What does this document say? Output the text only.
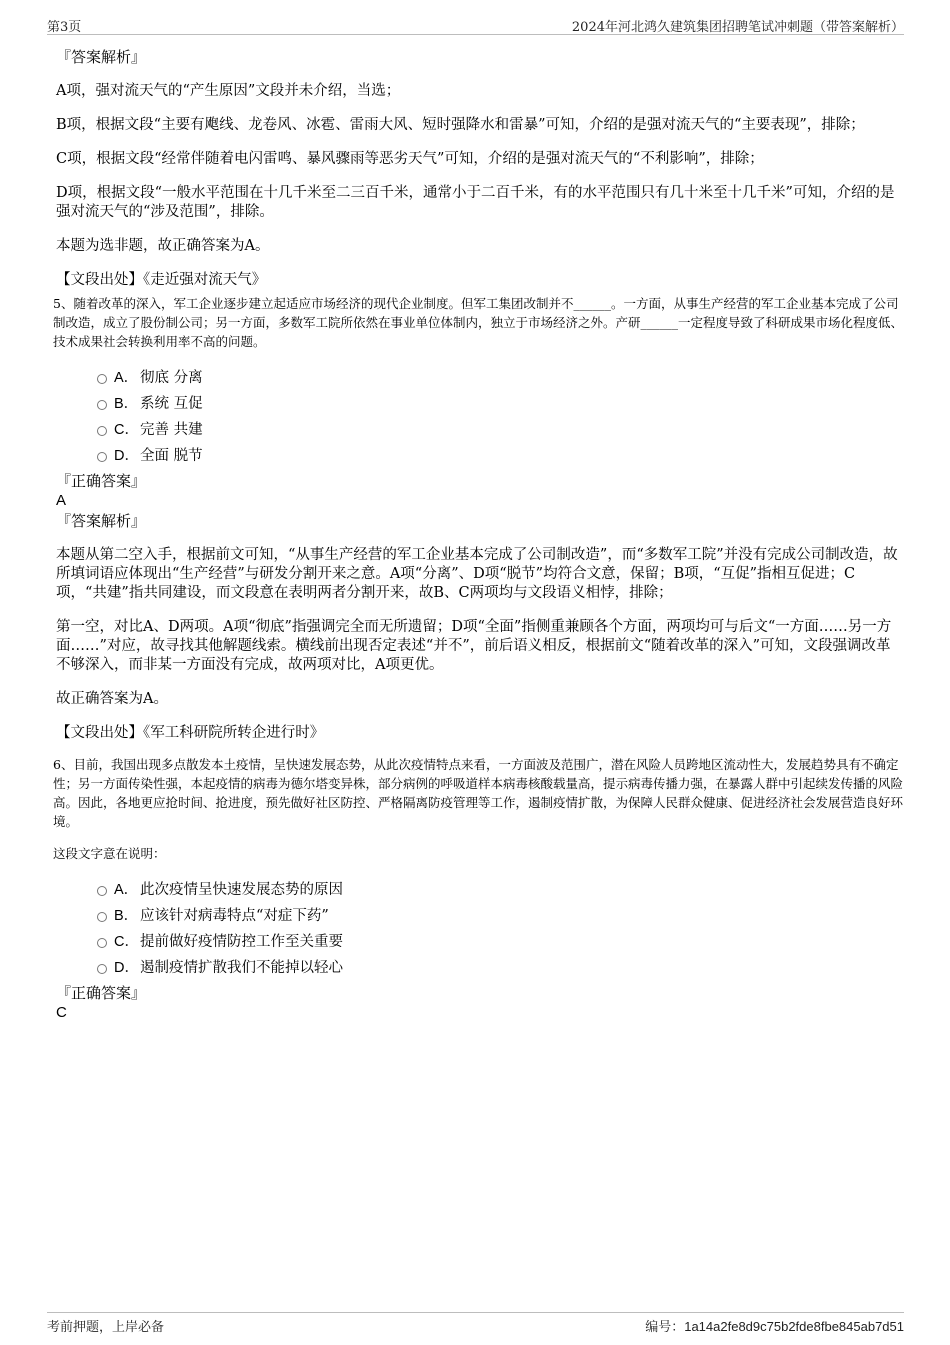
第3页	2024年河北鸿久建筑集团招聘笔试冲刺题（带答案解析）

『答案解析』

A项，强对流天气的“产生原因”文段并未介绍，当选；

B项，根据文段“主要有飑线、龙卷风、冰雹、雷雨大风、短时强降水和雷暴”可知，介绍的是强对流天气的“主要表现”，排除；

C项，根据文段“经常伴随着电闪雷鸣、暴风骤雨等恶劣天气”可知，介绍的是强对流天气的“不利影响”，排除；

D项，根据文段“一般水平范围在十几千米至二三百千米，通常小于二百千米，有的水平范围只有几十米至十几千米”可知，介绍的是强对流天气的“涉及范围”，排除。

本题为选非题，故正确答案为A。

【文段出处】《走近强对流天气》

5、随着改革的深入，军工企业逐步建立起适应市场经济的现代企业制度。但军工集团改制并不______。一方面，从事生产经营的军工企业基本完成了公司制改造，成立了股份制公司；另一方面，多数军工院所依然在事业单位体制内，独立于市场经济之外。产研______一定程度导致了科研成果市场化程度低、技术成果社会转换利用率不高的问题。

A． 彻底 分离
B． 系统 互促
C．完善 共建
D．全面 脱节

『正确答案』

A

『答案解析』

本题从第二空入手，根据前文可知，“从事生产经营的军工企业基本完成了公司制改造”，而“多数军工院”并没有完成公司制改造，故所填词语应体现出“生产经营”与研发分割开来之意。A项“分离”、D项“脱节”均符合文意，保留；B项，“互促”指相互促进；C项，“共建”指共同建设，而文段意在表明两者分割开来，故B、C两项均与文段语义相悖，排除；

第一空，对比A、D两项。A项“彻底”指强调完全而无所遗留；D项“全面”指侧重兼顾各个方面，两项均可与后文“一方面……另一方面……”对应，故寻找其他解题线索。横线前出现否定表述“并不”，前后语义相反，根据前文“随着改革的深入”可知，文段强调改革不够深入，而非某一方面没有完成，故两项对比，A项更优。

故正确答案为A。

【文段出处】《军工科研院所转企进行时》

6、目前，我国出现多点散发本土疫情，呈快速发展态势，从此次疫情特点来看，一方面波及范围广，潜在风险人员跨地区流动性大，发展趋势具有不确定性；另一方面传染性强，本起疫情的病毒为德尔塔变异株，部分病例的呼吸道样本病毒核酸载量高，提示病毒传播力强，在暴露人群中引起续发传播的风险高。因此，各地更应抢时间、抢进度，预先做好社区防控、严格隔离防疫管理等工作，遏制疫情扩散，为保障人民群众健康、促进经济社会发展营造良好环境。

这段文字意在说明：

A． 此次疫情呈快速发展态势的原因
B． 应该针对病毒特点“对症下药”
C．提前做好疫情防控工作至关重要
D．遏制疫情扩散我们不能掉以轻心

『正确答案』

C

考前押题，上岸必备	编号：1a14a2fe8d9c75b2fde8fbe845ab7d51
